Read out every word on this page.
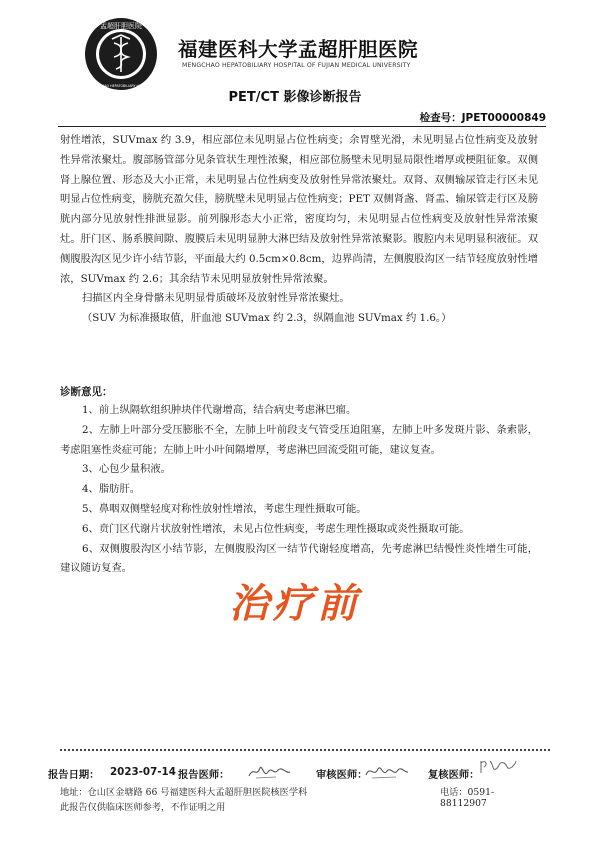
孟超肝胆医院
MENGCHAO HEPATOBILIARY HOSPITAL
福建医科大学孟超肝胆医院
MENGCHAO HEPATOBILIARY HOSPITAL OF FUJIAN MEDICAL UNIVERSITY
PET/CT 影像诊断报告
检查号：JPET00000849

射性增浓，SUVmax 约 3.9，相应部位未见明显占位性病变；余胃壁光滑，未见明显占位性病变及放射性异常浓聚灶。腹部肠管部分见条管状生理性浓聚，相应部位肠壁未见明显局限性增厚或梗阻征象。双侧肾上腺位置、形态及大小正常，未见明显占位性病变及放射性异常浓聚灶。双肾、双侧输尿管走行区未见明显占位性病变，膀胱充盈欠佳，膀胱壁未见明显占位性病变；PET 双侧肾盏、肾盂、输尿管走行区及膀胱内部分见放射性排泄显影。前列腺形态大小正常，密度均匀，未见明显占位性病变及放射性异常浓聚灶。肝门区、肠系膜间隙、腹膜后未见明显肿大淋巴结及放射性异常浓聚影。腹腔内未见明显积液征。双侧腹股沟区见少许小结节影，平面最大约 0.5cm×0.8cm，边界尚清，左侧腹股沟区一结节轻度放射性增浓，SUVmax 约 2.6；其余结节未见明显放射性异常浓聚。

扫描区内全身骨骼未见明显骨质破坏及放射性异常浓聚灶。

（SUV 为标准摄取值，肝血池 SUVmax 约 2.3，纵隔血池 SUVmax 约 1.6。）

诊断意见：

1、前上纵隔软组织肿块伴代谢增高，结合病史考虑淋巴瘤。

2、左肺上叶部分受压膨胀不全，左肺上叶前段支气管受压迫阻塞，左肺上叶多发斑片影、条索影，考虑阻塞性炎症可能；左肺上叶小叶间隔增厚，考虑淋巴回流受阻可能，建议复查。

3、心包少量积液。

4、脂肪肝。

5、鼻咽双侧壁轻度对称性放射性增浓，考虑生理性摄取可能。

6、贲门区代谢片状放射性增浓，未见占位性病变，考虑生理性摄取或炎性摄取可能。

6、双侧腹股沟区小结节影，左侧腹股沟区一结节代谢轻度增高，先考虑淋巴结慢性炎性增生可能，建议随访复查。

治疗前
报告日期： 2023-07-14 报告医师：	审核医师：	复核医师：
地址：仓山区金塘路 66 号福建医科大孟超肝胆医院核医学科	电话：0591-88112907
此报告仅供临床医师参考，不作证明之用
